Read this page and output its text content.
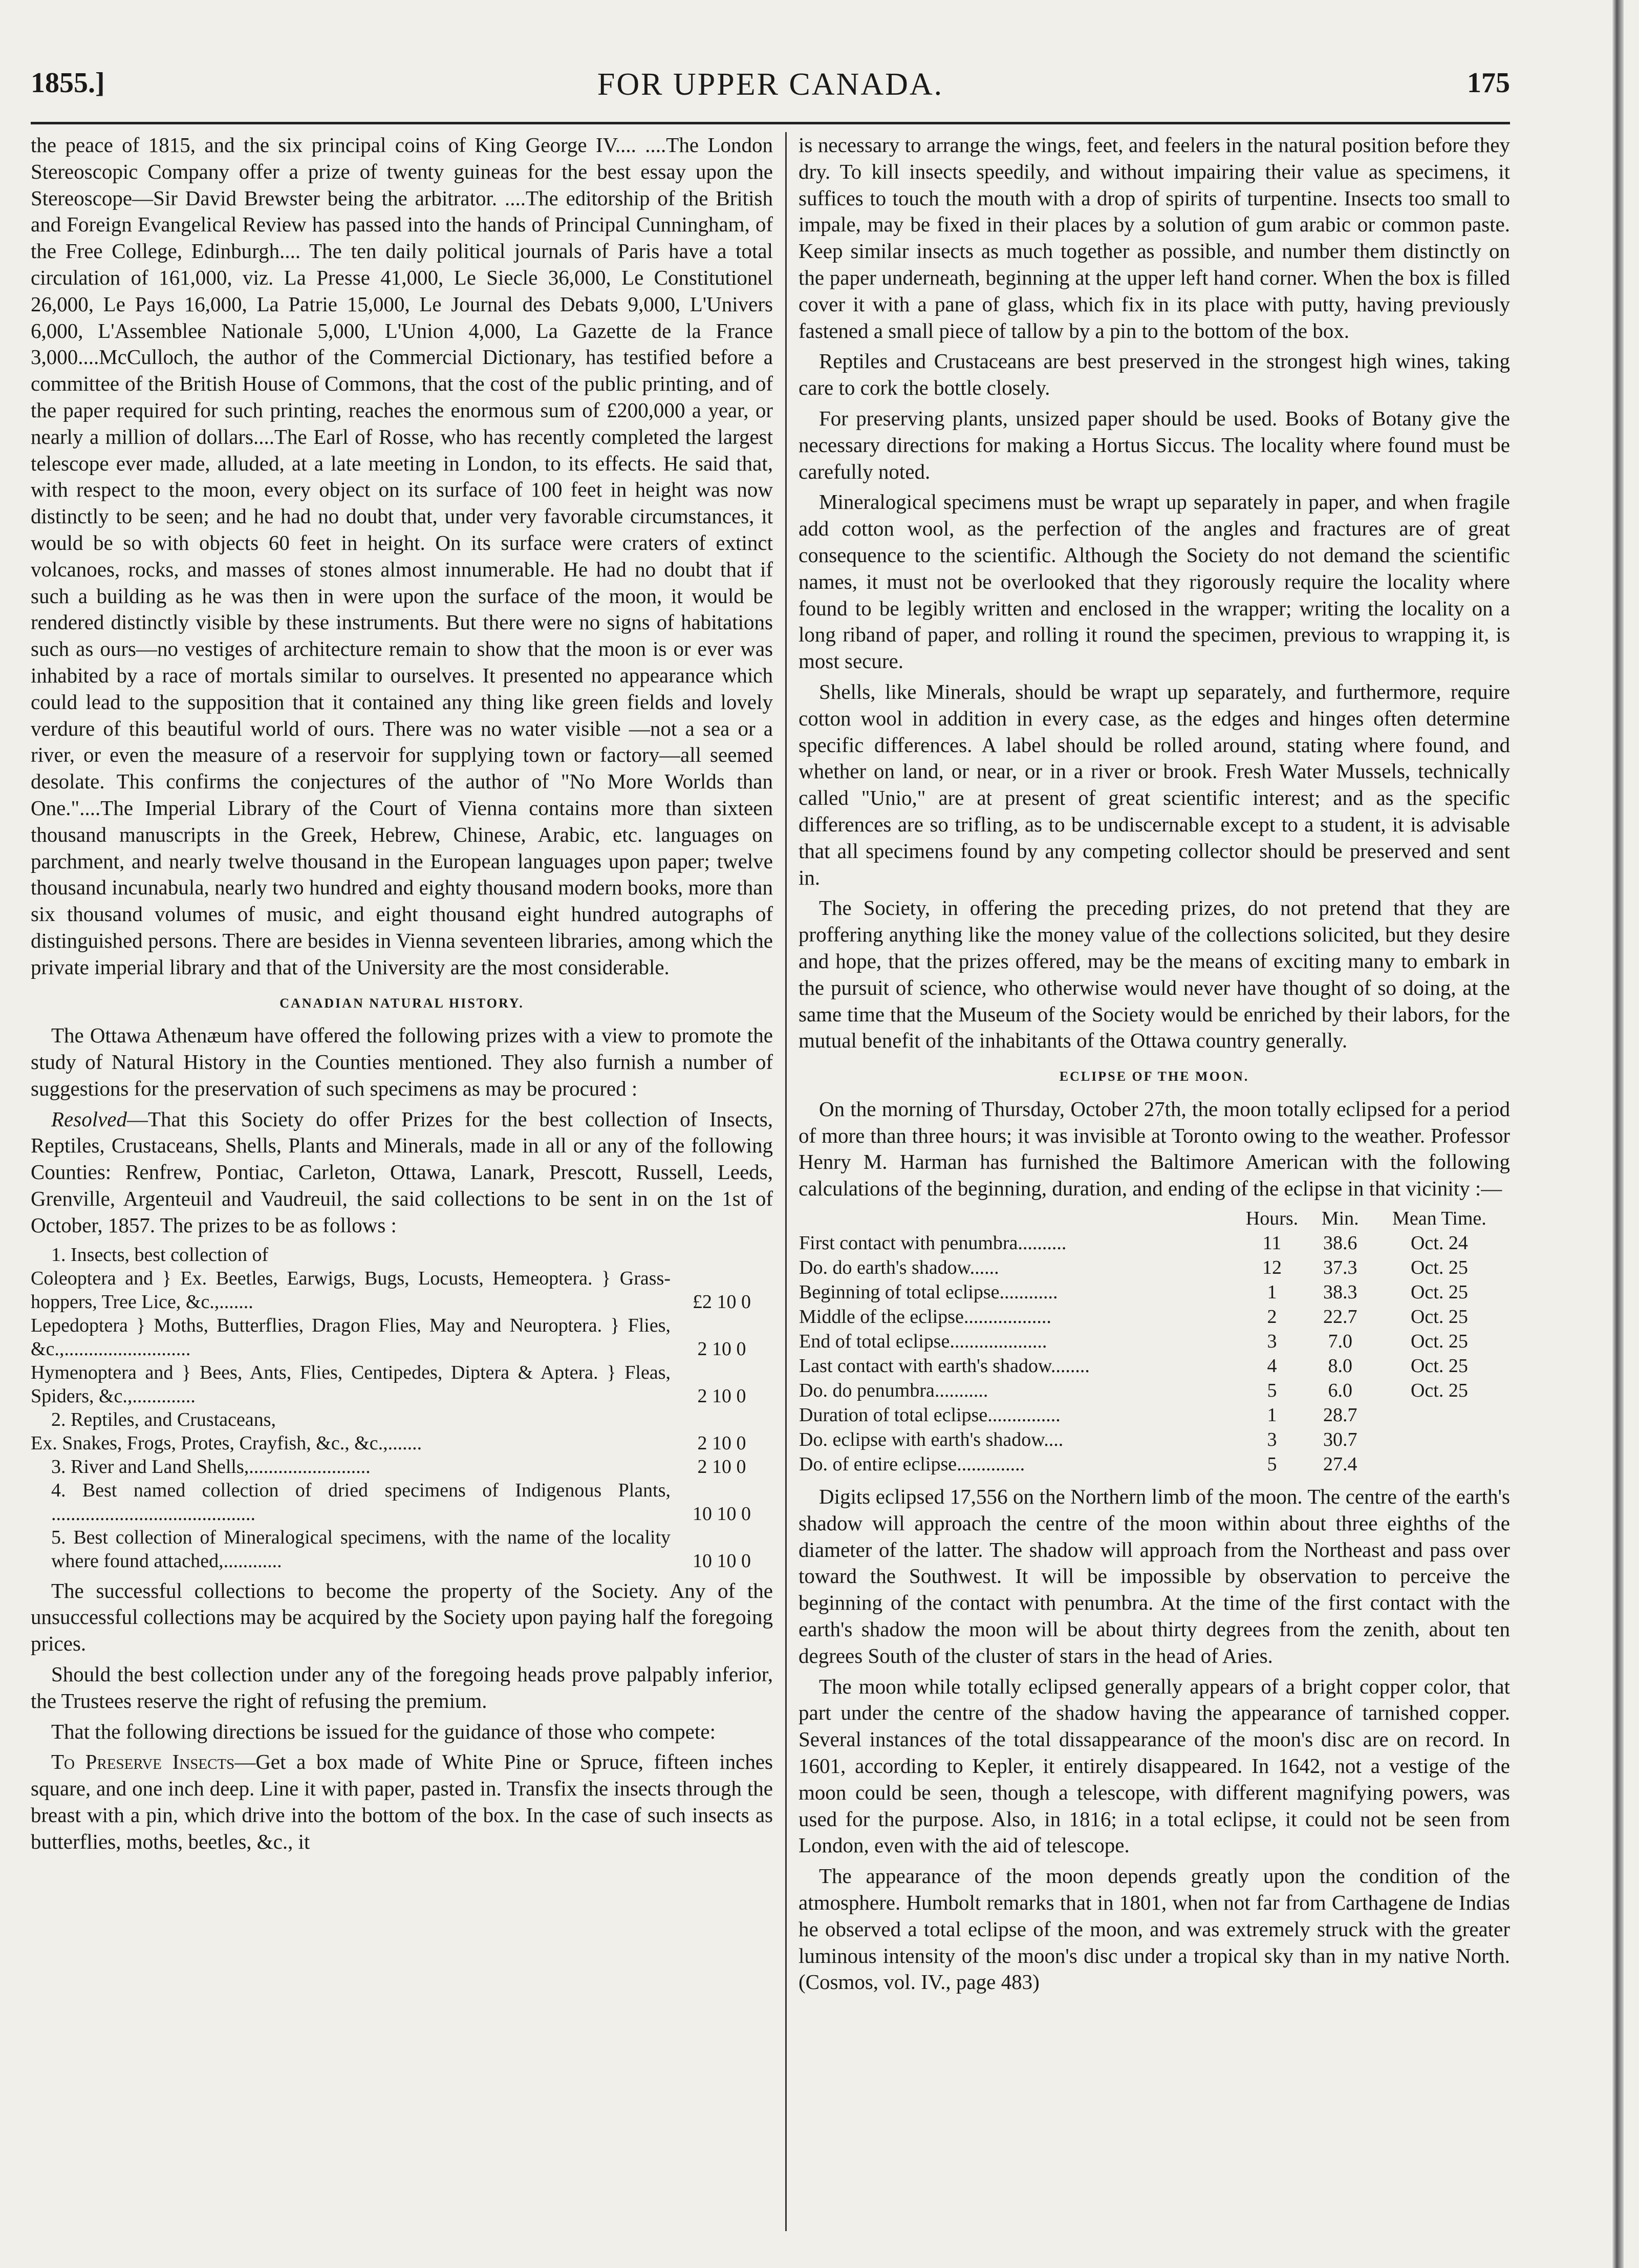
1855.]	FOR UPPER CANADA.	175

the peace of 1815, and the six principal coins of King George IV.... ....The London Stereoscopic Company offer a prize of twenty guineas for the best essay upon the Stereoscope—Sir David Brewster being the arbitrator. ....The editorship of the British and Foreign Evangelical Review has passed into the hands of Principal Cunningham, of the Free College, Edinburgh.... The ten daily political journals of Paris have a total circulation of 161,000, viz. La Presse 41,000, Le Siecle 36,000, Le Constitutionel 26,000, Le Pays 16,000, La Patrie 15,000, Le Journal des Debats 9,000, L'Univers 6,000, L'Assemblee Nationale 5,000, L'Union 4,000, La Gazette de la France 3,000....McCulloch, the author of the Commercial Dictionary, has testified before a committee of the British House of Commons, that the cost of the public printing, and of the paper required for such printing, reaches the enormous sum of £200,000 a year, or nearly a million of dollars....The Earl of Rosse, who has recently completed the largest telescope ever made, alluded, at a late meeting in London, to its effects. He said that, with respect to the moon, every object on its surface of 100 feet in height was now distinctly to be seen; and he had no doubt that, under very favorable circumstances, it would be so with objects 60 feet in height. On its surface were craters of extinct volcanoes, rocks, and masses of stones almost innumerable. He had no doubt that if such a building as he was then in were upon the surface of the moon, it would be rendered distinctly visible by these instruments. But there were no signs of habitations such as ours—no vestiges of architecture remain to show that the moon is or ever was inhabited by a race of mortals similar to ourselves. It presented no appearance which could lead to the supposition that it contained any thing like green fields and lovely verdure of this beautiful world of ours. There was no water visible —not a sea or a river, or even the measure of a reservoir for supplying town or factory—all seemed desolate. This confirms the conjectures of the author of "No More Worlds than One."....The Imperial Library of the Court of Vienna contains more than sixteen thousand manuscripts in the Greek, Hebrew, Chinese, Arabic, etc. languages on parchment, and nearly twelve thousand in the European languages upon paper; twelve thousand incunabula, nearly two hundred and eighty thousand modern books, more than six thousand volumes of music, and eight thousand eight hundred autographs of distinguished persons. There are besides in Vienna seventeen libraries, among which the private imperial library and that of the University are the most considerable.

CANADIAN NATURAL HISTORY.

The Ottawa Athenæum have offered the following prizes with a view to promote the study of Natural History in the Counties mentioned. They also furnish a number of suggestions for the preservation of such specimens as may be procured :

Resolved—That this Society do offer Prizes for the best collection of Insects, Reptiles, Crustaceans, Shells, Plants and Minerals, made in all or any of the following Counties: Renfrew, Pontiac, Carleton, Ottawa, Lanark, Prescott, Russell, Leeds, Grenville, Argenteuil and Vaudreuil, the said collections to be sent in on the 1st of October, 1857. The prizes to be as follows :

1. Insects, best collection of
Coleoptera and } Ex. Beetles, Earwigs, Bugs, Locusts, Hemeoptera. } Grass-hoppers, Tree Lice, &c.,.......	£2 10 0
Lepedoptera } Moths, Butterflies, Dragon Flies, May and Neuroptera. } Flies, &c.,..........................	2 10 0
Hymenoptera and } Bees, Ants, Flies, Centipedes, Diptera & Aptera. } Fleas, Spiders, &c.,.............	2 10 0
2. Reptiles, and Crustaceans,
Ex. Snakes, Frogs, Protes, Crayfish, &c., &c.,.......	2 10 0
3. River and Land Shells,.........................	2 10 0
4. Best named collection of dried specimens of Indigenous Plants, ..........................................	10 10 0
5. Best collection of Mineralogical specimens, with the name of the locality where found attached,............	10 10 0

The successful collections to become the property of the Society. Any of the unsuccessful collections may be acquired by the Society upon paying half the foregoing prices.

Should the best collection under any of the foregoing heads prove palpably inferior, the Trustees reserve the right of refusing the premium.

That the following directions be issued for the guidance of those who compete:

To Preserve Insects—Get a box made of White Pine or Spruce, fifteen inches square, and one inch deep. Line it with paper, pasted in. Transfix the insects through the breast with a pin, which drive into the bottom of the box. In the case of such insects as butterflies, moths, beetles, &c., it

is necessary to arrange the wings, feet, and feelers in the natural position before they dry. To kill insects speedily, and without impairing their value as specimens, it suffices to touch the mouth with a drop of spirits of turpentine. Insects too small to impale, may be fixed in their places by a solution of gum arabic or common paste. Keep similar insects as much together as possible, and number them distinctly on the paper underneath, beginning at the upper left hand corner. When the box is filled cover it with a pane of glass, which fix in its place with putty, having previously fastened a small piece of tallow by a pin to the bottom of the box.

Reptiles and Crustaceans are best preserved in the strongest high wines, taking care to cork the bottle closely.

For preserving plants, unsized paper should be used. Books of Botany give the necessary directions for making a Hortus Siccus. The locality where found must be carefully noted.

Mineralogical specimens must be wrapt up separately in paper, and when fragile add cotton wool, as the perfection of the angles and fractures are of great consequence to the scientific. Although the Society do not demand the scientific names, it must not be overlooked that they rigorously require the locality where found to be legibly written and enclosed in the wrapper; writing the locality on a long riband of paper, and rolling it round the specimen, previous to wrapping it, is most secure.

Shells, like Minerals, should be wrapt up separately, and furthermore, require cotton wool in addition in every case, as the edges and hinges often determine specific differences. A label should be rolled around, stating where found, and whether on land, or near, or in a river or brook. Fresh Water Mussels, technically called "Unio," are at present of great scientific interest; and as the specific differences are so trifling, as to be undiscernable except to a student, it is advisable that all specimens found by any competing collector should be preserved and sent in.

The Society, in offering the preceding prizes, do not pretend that they are proffering anything like the money value of the collections solicited, but they desire and hope, that the prizes offered, may be the means of exciting many to embark in the pursuit of science, who otherwise would never have thought of so doing, at the same time that the Museum of the Society would be enriched by their labors, for the mutual benefit of the inhabitants of the Ottawa country generally.

ECLIPSE OF THE MOON.

On the morning of Thursday, October 27th, the moon totally eclipsed for a period of more than three hours; it was invisible at Toronto owing to the weather. Professor Henry M. Harman has furnished the Baltimore American with the following calculations of the beginning, duration, and ending of the eclipse in that vicinity :—

	Hours.	Min.	Mean Time.
First contact with penumbra..........	11	38.6	Oct. 24
Do. do earth's shadow......	12	37.3	Oct. 25
Beginning of total eclipse............	1	38.3	Oct. 25
Middle of the eclipse..................	2	22.7	Oct. 25
End of total eclipse....................	3	7.0	Oct. 25
Last contact with earth's shadow........	4	8.0	Oct. 25
Do. do penumbra...........	5	6.0	Oct. 25
Duration of total eclipse...............	1	28.7	
Do. eclipse with earth's shadow....	3	30.7	
Do. of entire eclipse..............	5	27.4	

Digits eclipsed 17,556 on the Northern limb of the moon. The centre of the earth's shadow will approach the centre of the moon within about three eighths of the diameter of the latter. The shadow will approach from the Northeast and pass over toward the Southwest. It will be impossible by observation to perceive the beginning of the contact with penumbra. At the time of the first contact with the earth's shadow the moon will be about thirty degrees from the zenith, about ten degrees South of the cluster of stars in the head of Aries.

The moon while totally eclipsed generally appears of a bright copper color, that part under the centre of the shadow having the appearance of tarnished copper. Several instances of the total dissappearance of the moon's disc are on record. In 1601, according to Kepler, it entirely disappeared. In 1642, not a vestige of the moon could be seen, though a telescope, with different magnifying powers, was used for the purpose. Also, in 1816; in a total eclipse, it could not be seen from London, even with the aid of telescope.

The appearance of the moon depends greatly upon the condition of the atmosphere. Humbolt remarks that in 1801, when not far from Carthagene de Indias he observed a total eclipse of the moon, and was extremely struck with the greater luminous intensity of the moon's disc under a tropical sky than in my native North. (Cosmos, vol. IV., page 483)
